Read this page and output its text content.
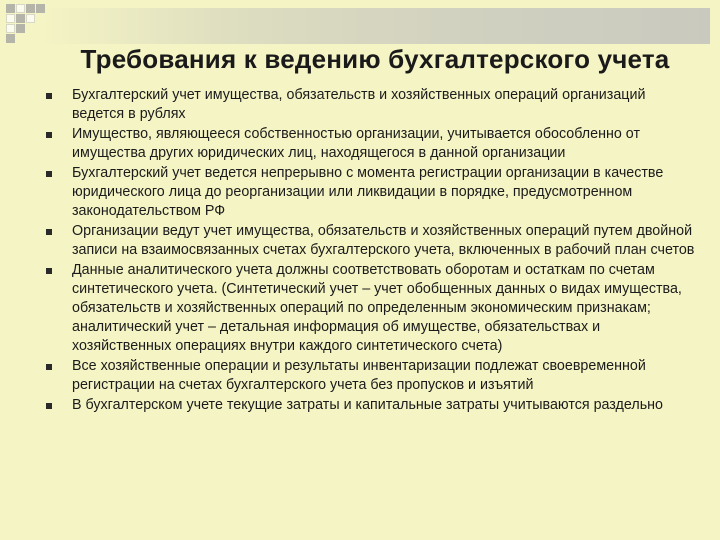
Требования к ведению бухгалтерского учета
Бухгалтерский учет имущества, обязательств и хозяйственных операций организаций ведется в рублях
Имущество, являющееся собственностью организации, учитывается обособленно от имущества других юридических лиц, находящегося в данной организации
Бухгалтерский учет ведется непрерывно с момента регистрации организации в качестве юридического лица до реорганизации или ликвидации в порядке, предусмотренном законодательством РФ
Организации ведут учет имущества, обязательств и хозяйственных операций путем двойной записи на взаимосвязанных счетах бухгалтерского учета, включенных в рабочий план счетов
Данные аналитического учета должны соответствовать оборотам и остаткам по счетам синтетического учета. (Синтетический учет – учет обобщенных данных о видах имущества, обязательств и хозяйственных операций по определенным экономическим признакам; аналитический учет – детальная информация об имуществе, обязательствах и хозяйственных операциях внутри каждого синтетического счета)
Все хозяйственные операции и результаты инвентаризации подлежат своевременной регистрации на счетах бухгалтерского учета без пропусков и изъятий
В бухгалтерском учете текущие затраты и капитальные затраты учитываются раздельно
